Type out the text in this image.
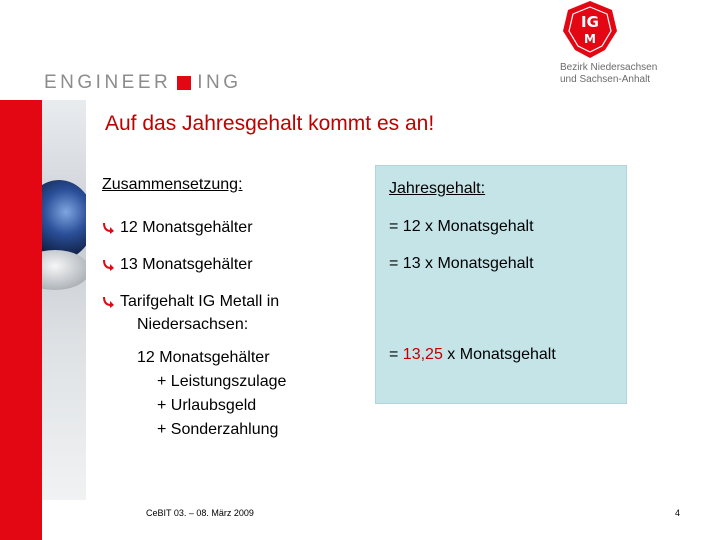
ENGINEER ING
IG
M
Bezirk Niedersachsen
und Sachsen-Anhalt
Auf das Jahresgehalt kommt es an!
Zusammensetzung:
12 Monatsgehälter
13 Monatsgehälter
Tarifgehalt IG Metall in
Niedersachsen:
12 Monatsgehälter
+ Leistungszulage
+ Urlaubsgeld
+ Sonderzahlung
Jahresgehalt:
= 12 x Monatsgehalt
= 13 x Monatsgehalt
= 13,25 x Monatsgehalt
CeBIT 03. – 08. März 2009	4
